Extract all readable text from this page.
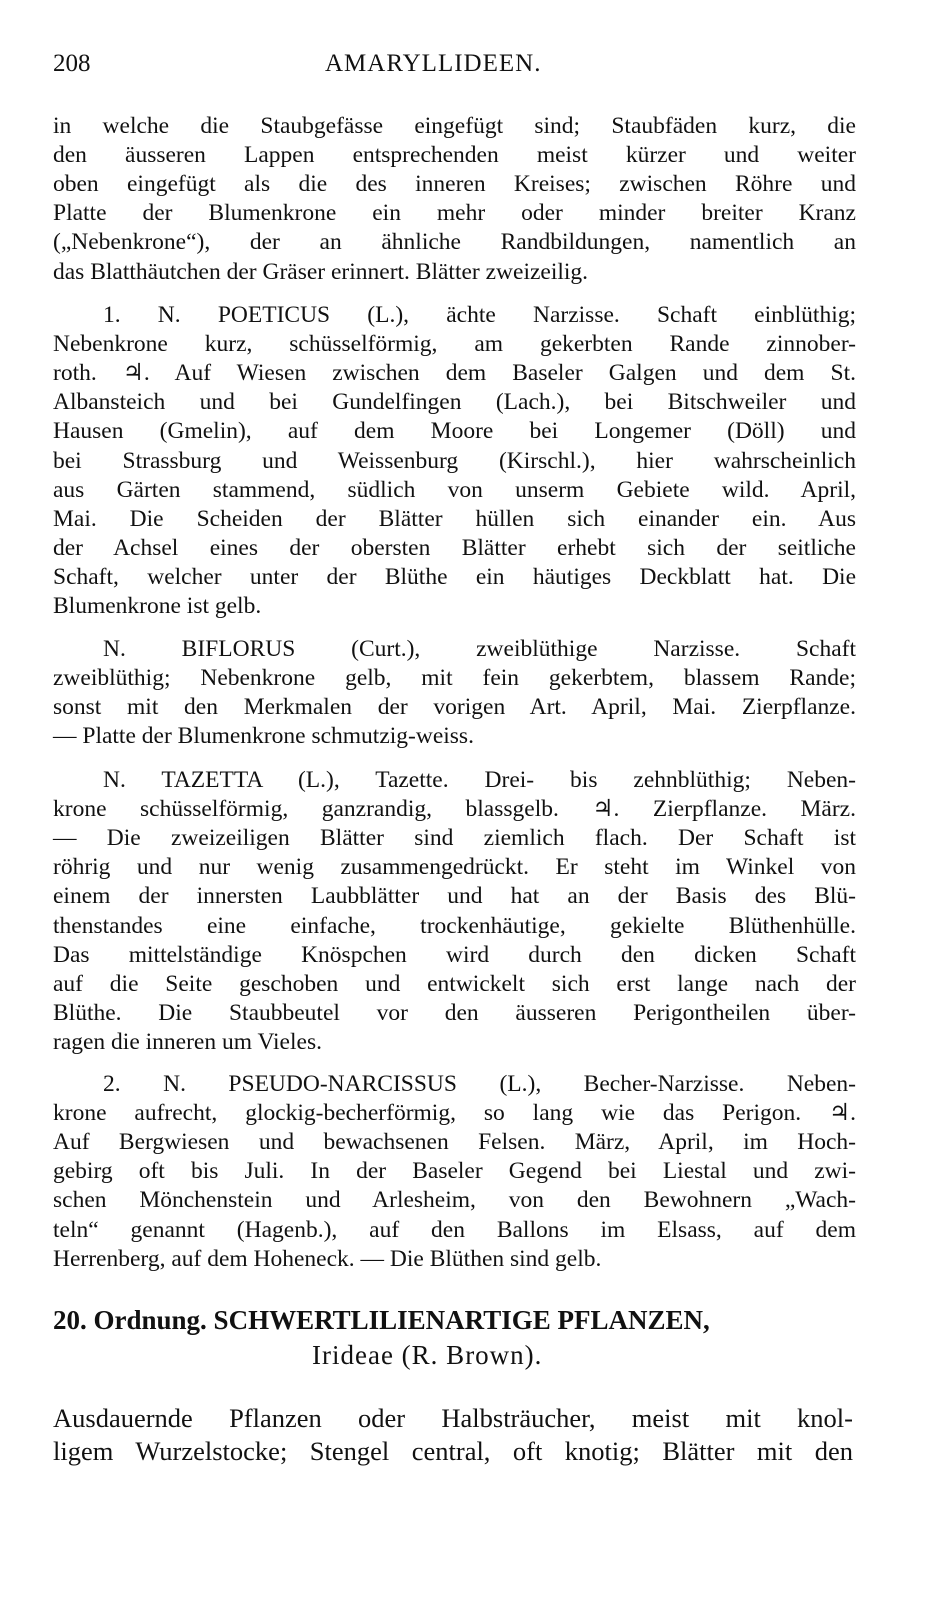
208	AMARYLLIDEEN.
in welche die Staubgefässe eingefügt sind; Staubfäden kurz, die
den äusseren Lappen entsprechenden meist kürzer und weiter
oben eingefügt als die des inneren Kreises; zwischen Röhre und
Platte der Blumenkrone ein mehr oder minder breiter Kranz
(„Nebenkrone“), der an ähnliche Randbildungen, namentlich an
das Blatthäutchen der Gräser erinnert. Blätter zweizeilig.
1. N. POETICUS (L.), ächte Narzisse. Schaft einblüthig;
Nebenkrone kurz, schüsselförmig, am gekerbten Rande zinnober-
roth. ♃. Auf Wiesen zwischen dem Baseler Galgen und dem St.
Albansteich und bei Gundelfingen (Lach.), bei Bitschweiler und
Hausen (Gmelin), auf dem Moore bei Longemer (Döll) und
bei Strassburg und Weissenburg (Kirschl.), hier wahrscheinlich
aus Gärten stammend, südlich von unserm Gebiete wild. April,
Mai. Die Scheiden der Blätter hüllen sich einander ein. Aus
der Achsel eines der obersten Blätter erhebt sich der seitliche
Schaft, welcher unter der Blüthe ein häutiges Deckblatt hat. Die
Blumenkrone ist gelb.
N. BIFLORUS (Curt.), zweiblüthige Narzisse. Schaft
zweiblüthig; Nebenkrone gelb, mit fein gekerbtem, blassem Rande;
sonst mit den Merkmalen der vorigen Art. April, Mai. Zierpflanze.
— Platte der Blumenkrone schmutzig-weiss.
N. TAZETTA (L.), Tazette. Drei- bis zehnblüthig; Neben-
krone schüsselförmig, ganzrandig, blassgelb. ♃. Zierpflanze. März.
— Die zweizeiligen Blätter sind ziemlich flach. Der Schaft ist
röhrig und nur wenig zusammengedrückt. Er steht im Winkel von
einem der innersten Laubblätter und hat an der Basis des Blü-
thenstandes eine einfache, trockenhäutige, gekielte Blüthenhülle.
Das mittelständige Knöspchen wird durch den dicken Schaft
auf die Seite geschoben und entwickelt sich erst lange nach der
Blüthe. Die Staubbeutel vor den äusseren Perigontheilen über-
ragen die inneren um Vieles.
2. N. PSEUDO-NARCISSUS (L.), Becher-Narzisse. Neben-
krone aufrecht, glockig-becherförmig, so lang wie das Perigon. ♃.
Auf Bergwiesen und bewachsenen Felsen. März, April, im Hoch-
gebirg oft bis Juli. In der Baseler Gegend bei Liestal und zwi-
schen Mönchenstein und Arlesheim, von den Bewohnern „Wach-
teln“ genannt (Hagenb.), auf den Ballons im Elsass, auf dem
Herrenberg, auf dem Hoheneck. — Die Blüthen sind gelb.
20. Ordnung. SCHWERTLILIENARTIGE PFLANZEN,
Irideae (R. Brown).
Ausdauernde Pflanzen oder Halbsträucher, meist mit knol-
ligem Wurzelstocke; Stengel central, oft knotig; Blätter mit den
